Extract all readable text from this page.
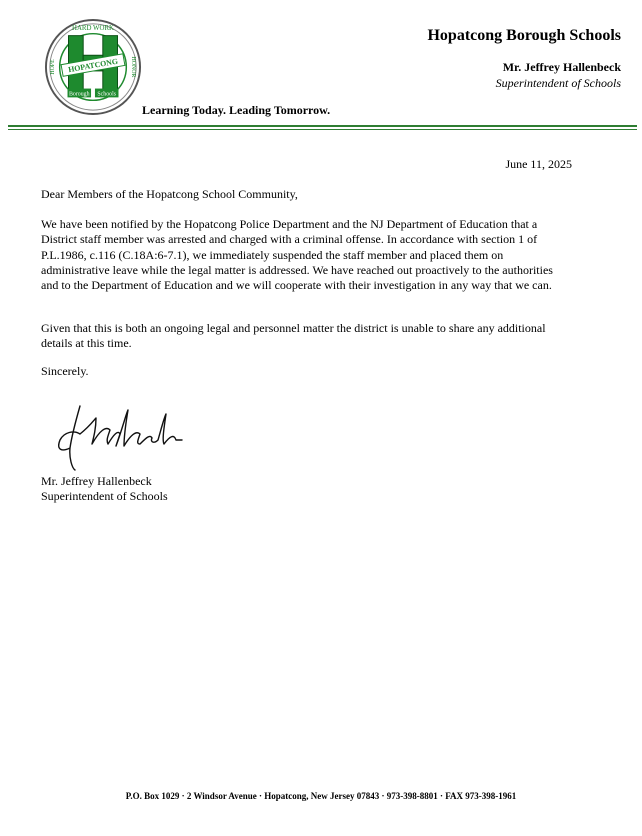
HOPATCONG
Borough Schools
HARD WORK
HOPE	HONOR
Learning Today. Leading Tomorrow.
Hopatcong Borough Schools
Mr. Jeffrey Hallenbeck
Superintendent of Schools
June 11, 2025
Dear Members of the Hopatcong School Community,
We have been notified by the Hopatcong Police Department and the NJ Department of Education that a District staff member was arrested and charged with a criminal offense. In accordance with section 1 of P.L.1986, c.116 (C.18A:6-7.1), we immediately suspended the staff member and placed them on administrative leave while the legal matter is addressed. We have reached out proactively to the authorities and to the Department of Education and we will cooperate with their investigation in any way that we can.
Given that this is both an ongoing legal and personnel matter the district is unable to share any additional details at this time.
Sincerely.
Mr. Jeffrey Hallenbeck
Superintendent of Schools
P.O. Box 1029 · 2 Windsor Avenue · Hopatcong, New Jersey 07843 · 973-398-8801 · FAX 973-398-1961
